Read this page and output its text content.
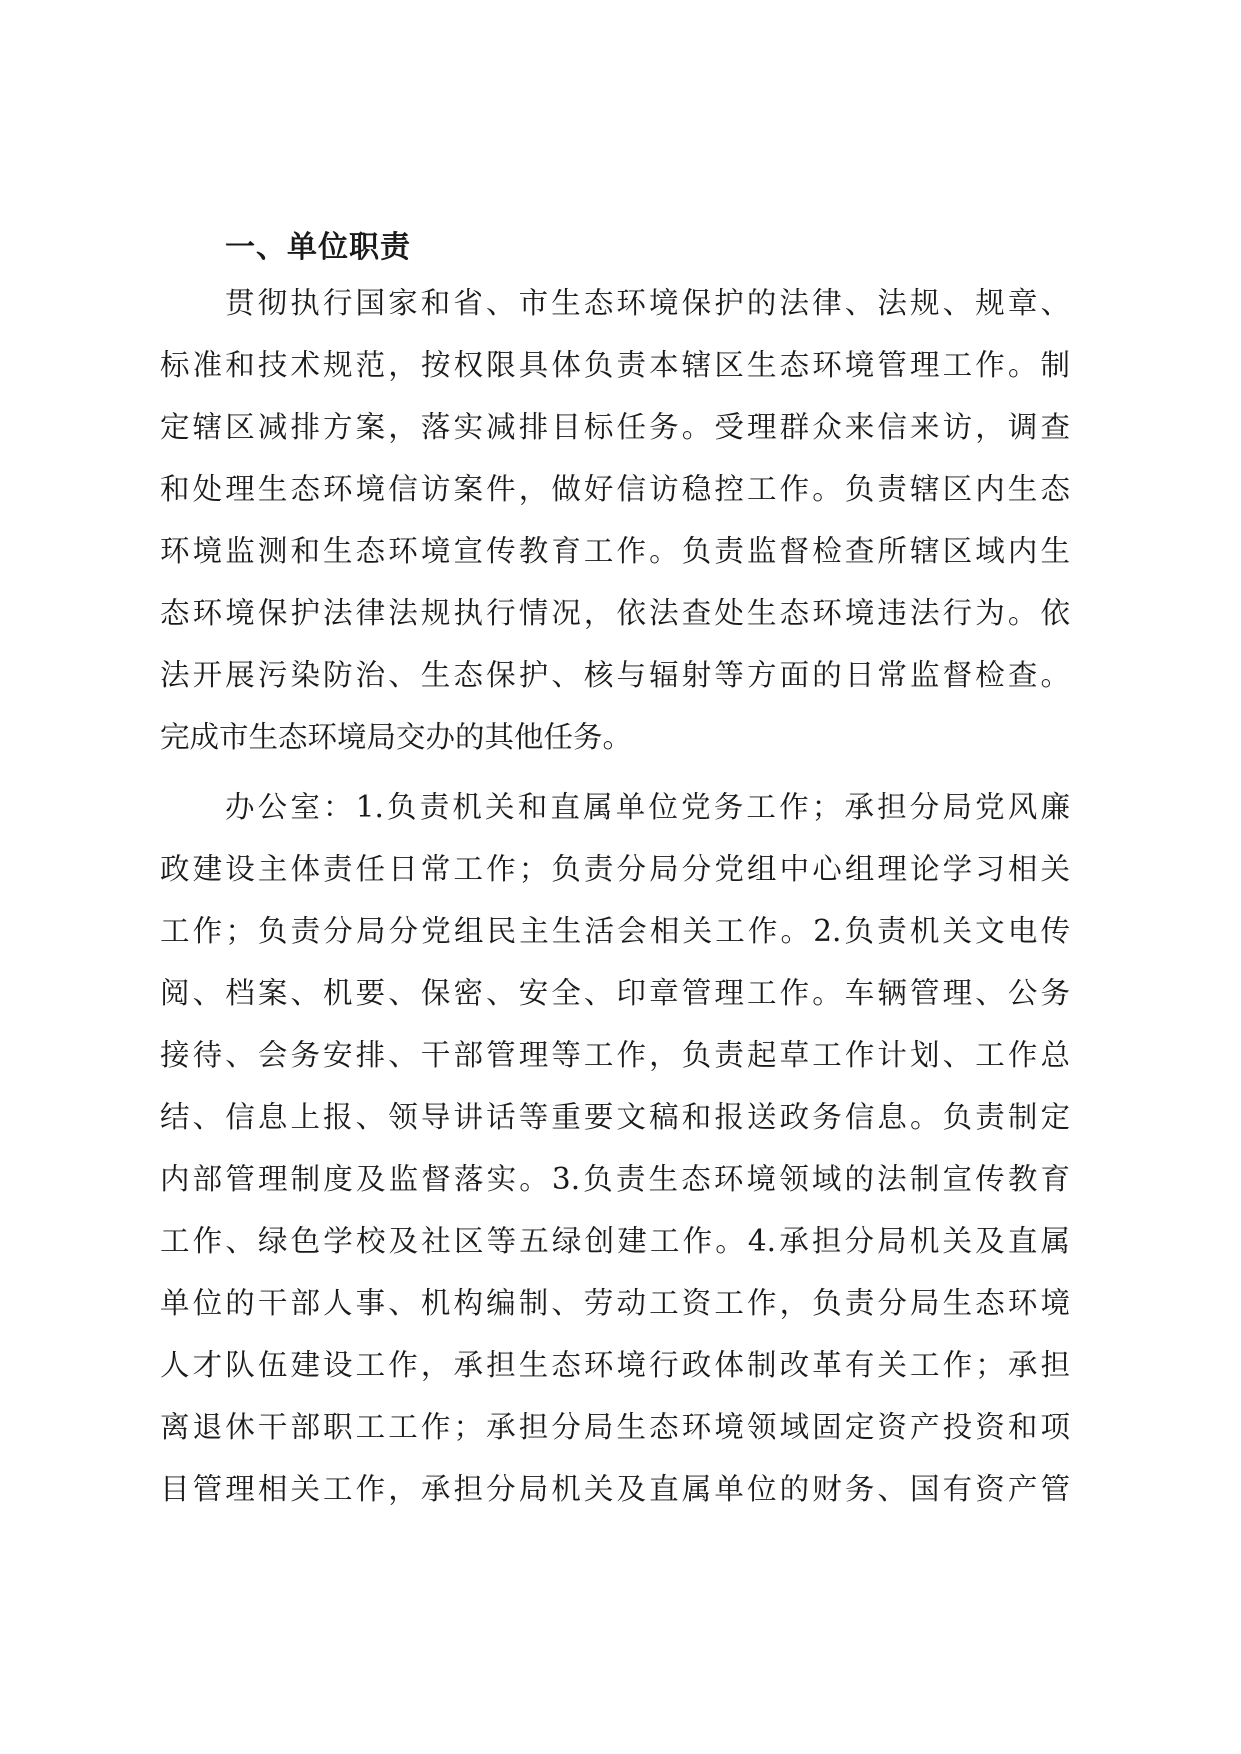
一、单位职责
贯彻执行国家和省、市生态环境保护的法律、法规、规章、
标准和技术规范，按权限具体负责本辖区生态环境管理工作。制
定辖区减排方案，落实减排目标任务。受理群众来信来访，调查
和处理生态环境信访案件，做好信访稳控工作。负责辖区内生态
环境监测和生态环境宣传教育工作。负责监督检查所辖区域内生
态环境保护法律法规执行情况，依法查处生态环境违法行为。依
法开展污染防治、生态保护、核与辐射等方面的日常监督检查。
完成市生态环境局交办的其他任务。
办公室：1.负责机关和直属单位党务工作；承担分局党风廉
政建设主体责任日常工作；负责分局分党组中心组理论学习相关
工作；负责分局分党组民主生活会相关工作。2.负责机关文电传
阅、档案、机要、保密、安全、印章管理工作。车辆管理、公务
接待、会务安排、干部管理等工作，负责起草工作计划、工作总
结、信息上报、领导讲话等重要文稿和报送政务信息。负责制定
内部管理制度及监督落实。3.负责生态环境领域的法制宣传教育
工作、绿色学校及社区等五绿创建工作。4.承担分局机关及直属
单位的干部人事、机构编制、劳动工资工作，负责分局生态环境
人才队伍建设工作，承担生态环境行政体制改革有关工作；承担
离退休干部职工工作；承担分局生态环境领域固定资产投资和项
目管理相关工作，承担分局机关及直属单位的财务、国有资产管
